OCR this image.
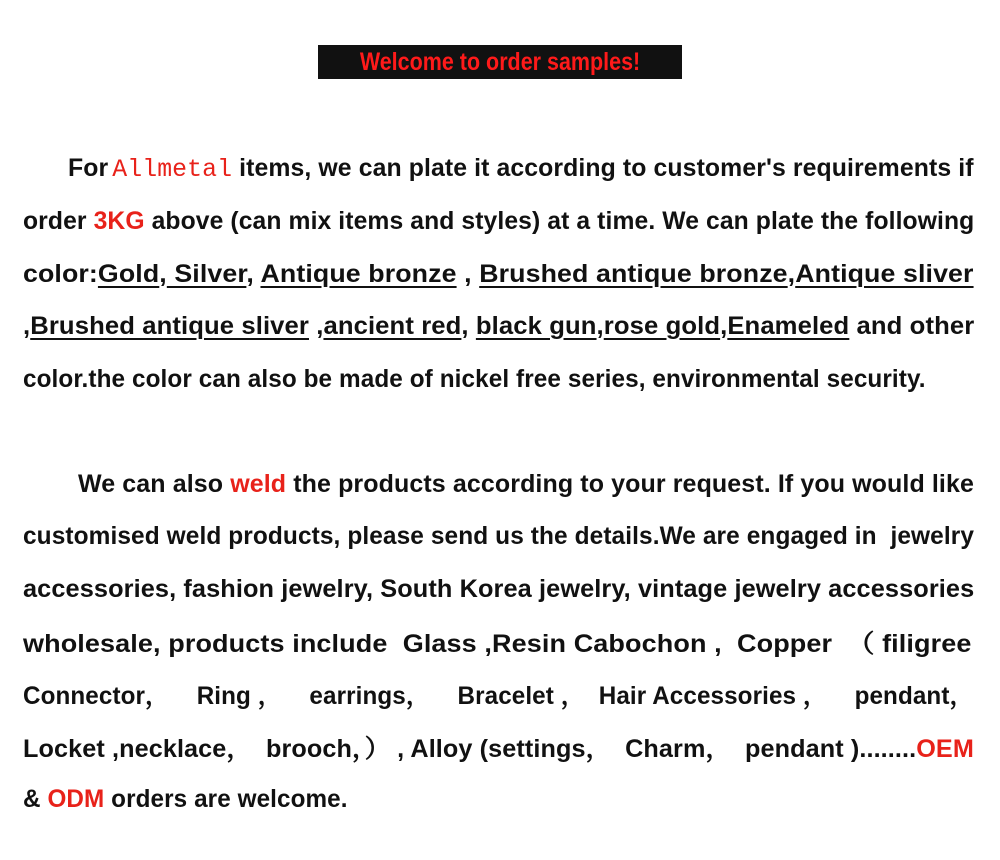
Welcome to order samples!
For Allmetal items, we can plate it according to customer's requirements if
order 3KG above (can mix items and styles) at a time. We can plate the following
color:Gold, Silver, Antique bronze , Brushed antique bronze,Antique sliver
,Brushed antique sliver ,ancient red, black gun,rose gold,Enameled and other
color.the color can also be made of nickel free series, environmental security.
We can also weld the products according to your request. If you would like
customised weld products, please send us the details.We are engaged in  jewelry
accessories, fashion jewelry, South Korea jewelry, vintage jewelry accessories
wholesale, products include  Glass ,Resin Cabochon ,  Copper  （ filigree
Connector，    Ring ，    earrings，    Bracelet ，  Hair Accessories ，    pendant，
Locket ,necklace，  brooch，） , Alloy (settings，  Charm，  pendant )........OEM
& ODM orders are welcome.
